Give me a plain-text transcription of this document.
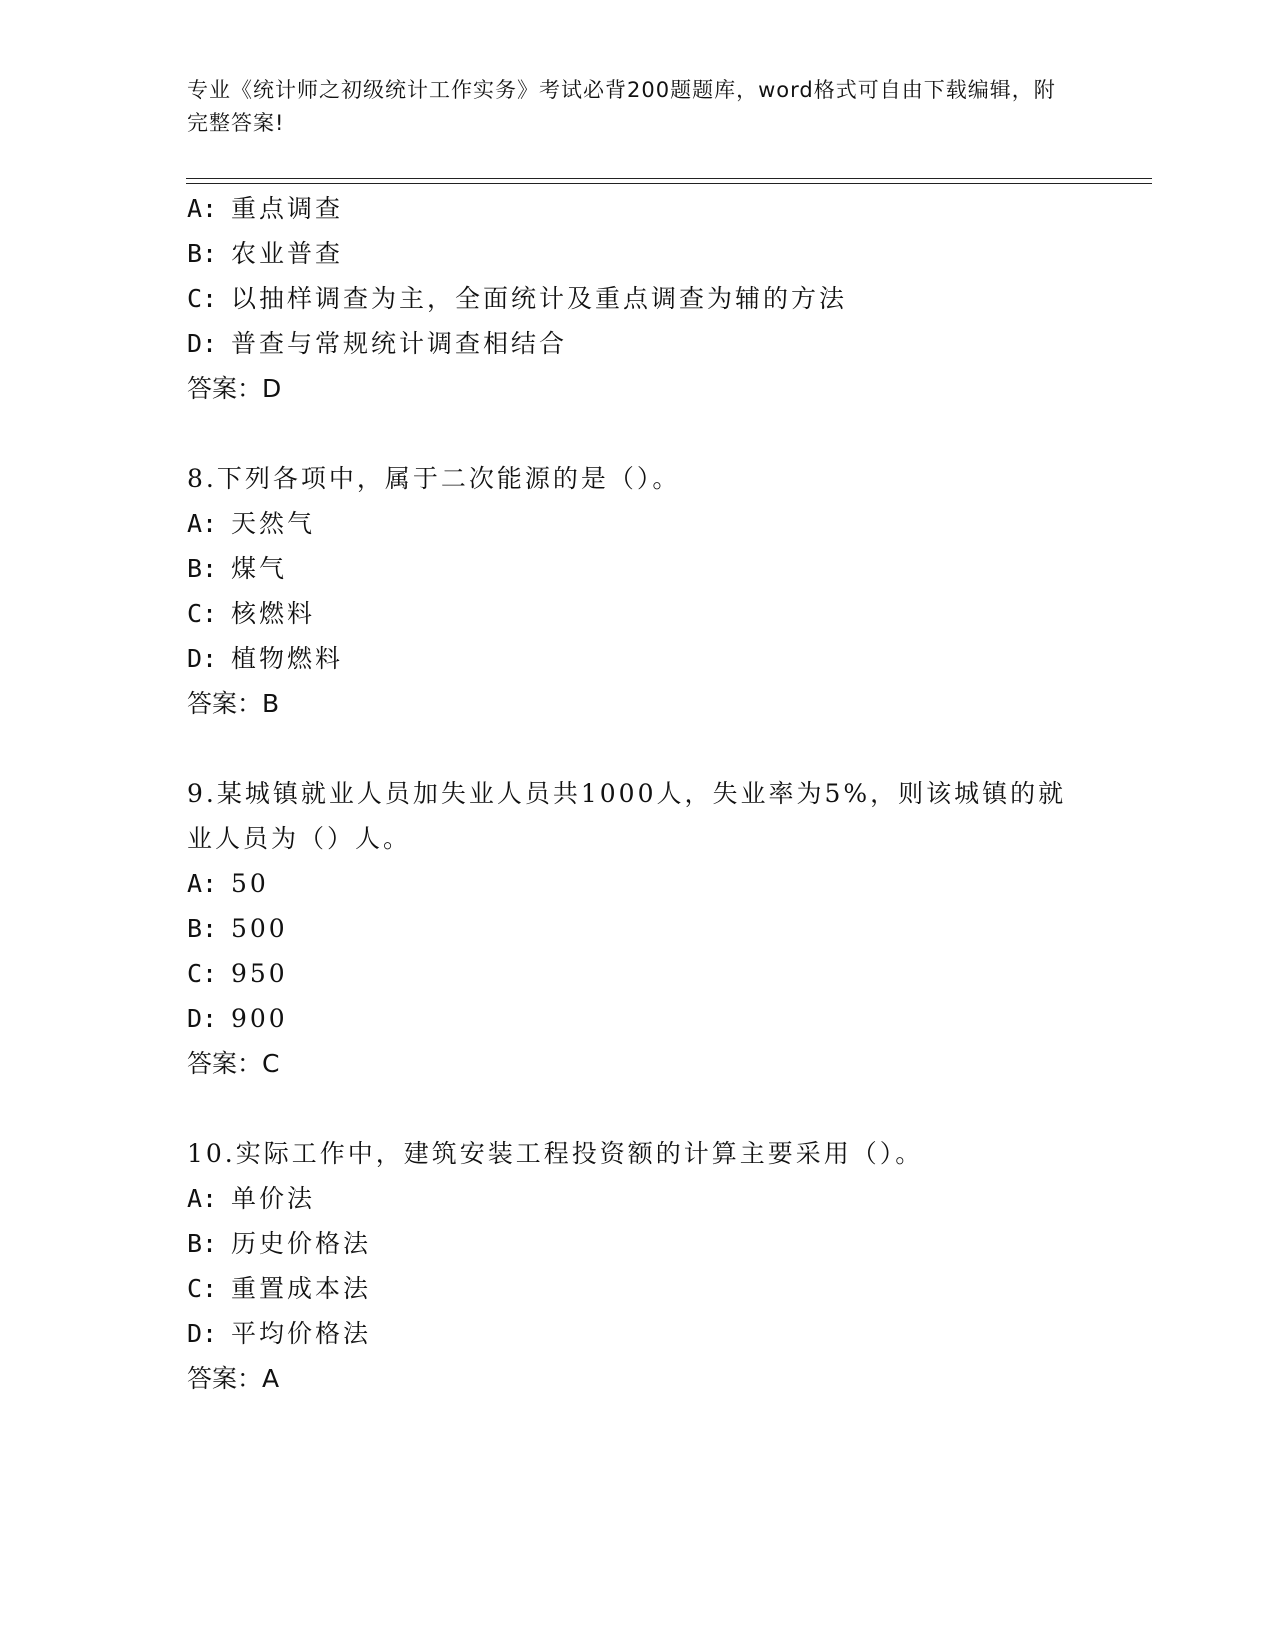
专业《统计师之初级统计工作实务》考试必背200题题库，word格式可自由下载编辑，附完整答案!
A: 重点调查
B: 农业普查
C: 以抽样调查为主，全面统计及重点调查为辅的方法
D: 普查与常规统计调查相结合
答案：D
8.下列各项中，属于二次能源的是（）。
A: 天然气
B: 煤气
C: 核燃料
D: 植物燃料
答案：B
9.某城镇就业人员加失业人员共1000人，失业率为5%，则该城镇的就业人员为（）人。
A: 50
B: 500
C: 950
D: 900
答案：C
10.实际工作中，建筑安装工程投资额的计算主要采用（）。
A: 单价法
B: 历史价格法
C: 重置成本法
D: 平均价格法
答案：A
